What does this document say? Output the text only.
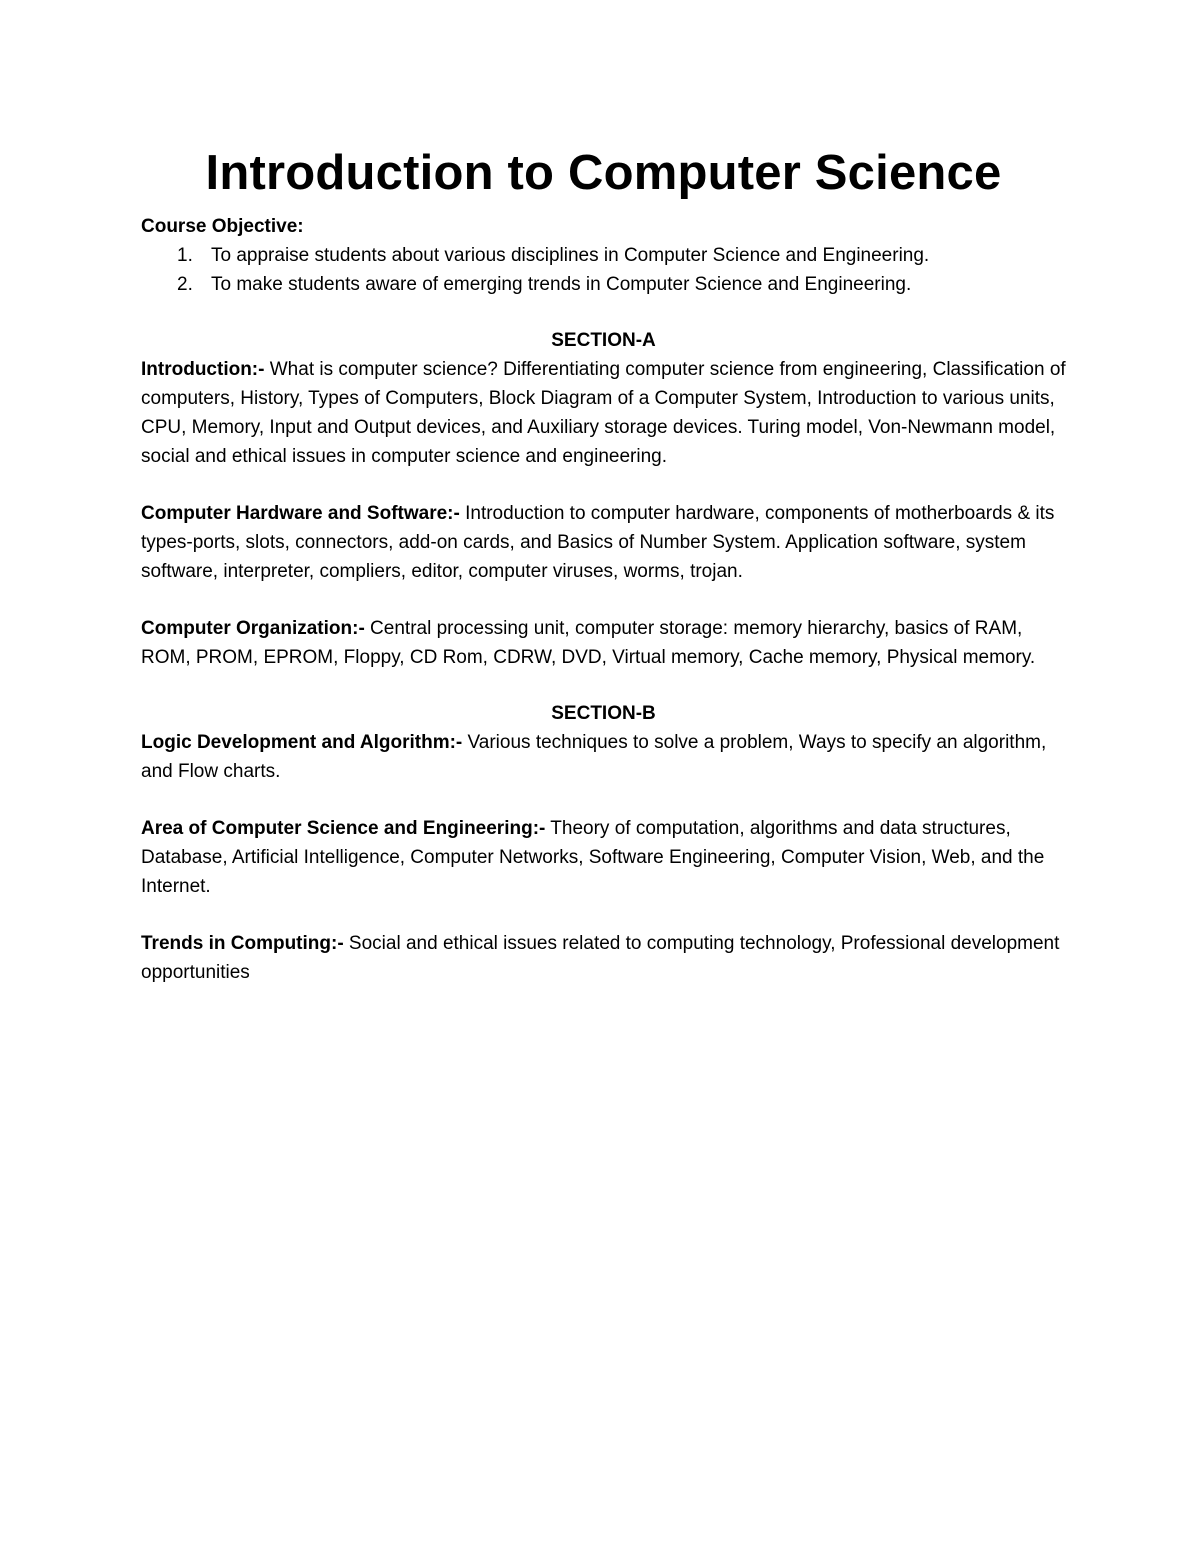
Introduction to Computer Science
Course Objective:
1. To appraise students about various disciplines in Computer Science and Engineering.
2. To make students aware of emerging trends in Computer Science and Engineering.
SECTION-A

Introduction:- What is computer science? Differentiating computer science from engineering, Classification of computers, History, Types of Computers, Block Diagram of a Computer System, Introduction to various units, CPU, Memory, Input and Output devices, and Auxiliary storage devices. Turing model, Von-Newmann model, social and ethical issues in computer science and engineering.

Computer Hardware and Software:- Introduction to computer hardware, components of motherboards & its types-ports, slots, connectors, add-on cards, and Basics of Number System. Application software, system software, interpreter, compliers, editor, computer viruses, worms, trojan.

Computer Organization:- Central processing unit, computer storage: memory hierarchy, basics of RAM, ROM, PROM, EPROM, Floppy, CD Rom, CDRW, DVD, Virtual memory, Cache memory, Physical memory.

SECTION-B

Logic Development and Algorithm:- Various techniques to solve a problem, Ways to specify an algorithm, and Flow charts.

Area of Computer Science and Engineering:- Theory of computation, algorithms and data structures, Database, Artificial Intelligence, Computer Networks, Software Engineering, Computer Vision, Web, and the Internet.

Trends in Computing:- Social and ethical issues related to computing technology, Professional development opportunities
